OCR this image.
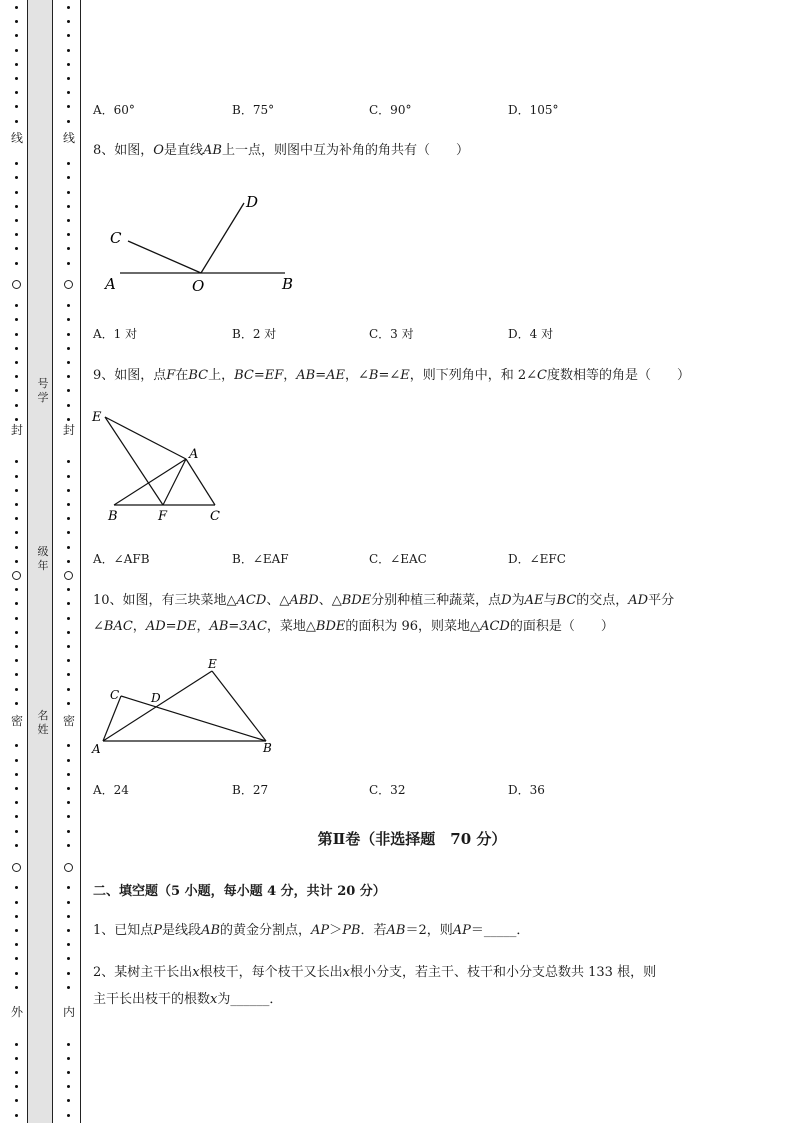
线
封
密
外
线
封
密
内
号学
级年
名姓
A．60°	B．75°	C．90°	D．105°
8、如图，O是直线AB上一点，则图中互为补角的角共有（　　）
A	O	B
C
D
A．1 对	B．2 对	C．3 对	D．4 对
9、如图，点F在BC上，BC=EF，AB=AE，∠B=∠E，则下列角中，和 2∠C度数相等的角是（　　）
E
A
B	F	C
A．∠AFB	B．∠EAF	C．∠EAC	D．∠EFC
10、如图，有三块菜地△ACD、△ABD、△BDE分别种植三种蔬菜，点D为AE与BC的交点，AD平分
∠BAC，AD=DE，AB=3AC，菜地△BDE的面积为 96，则菜地△ACD的面积是（　　）
E
C	D
A	B
A．24	B．27	C．32	D．36
第Ⅱ卷（非选择题　70 分）
二、填空题（5 小题，每小题 4 分，共计 20 分）
1、已知点P是线段AB的黄金分割点，AP＞PB．若AB＝2，则AP＝_____．
2、某树主干长出x根枝干，每个枝干又长出x根小分支，若主干、枝干和小分支总数共 133 根，则
主干长出枝干的根数x为______．
